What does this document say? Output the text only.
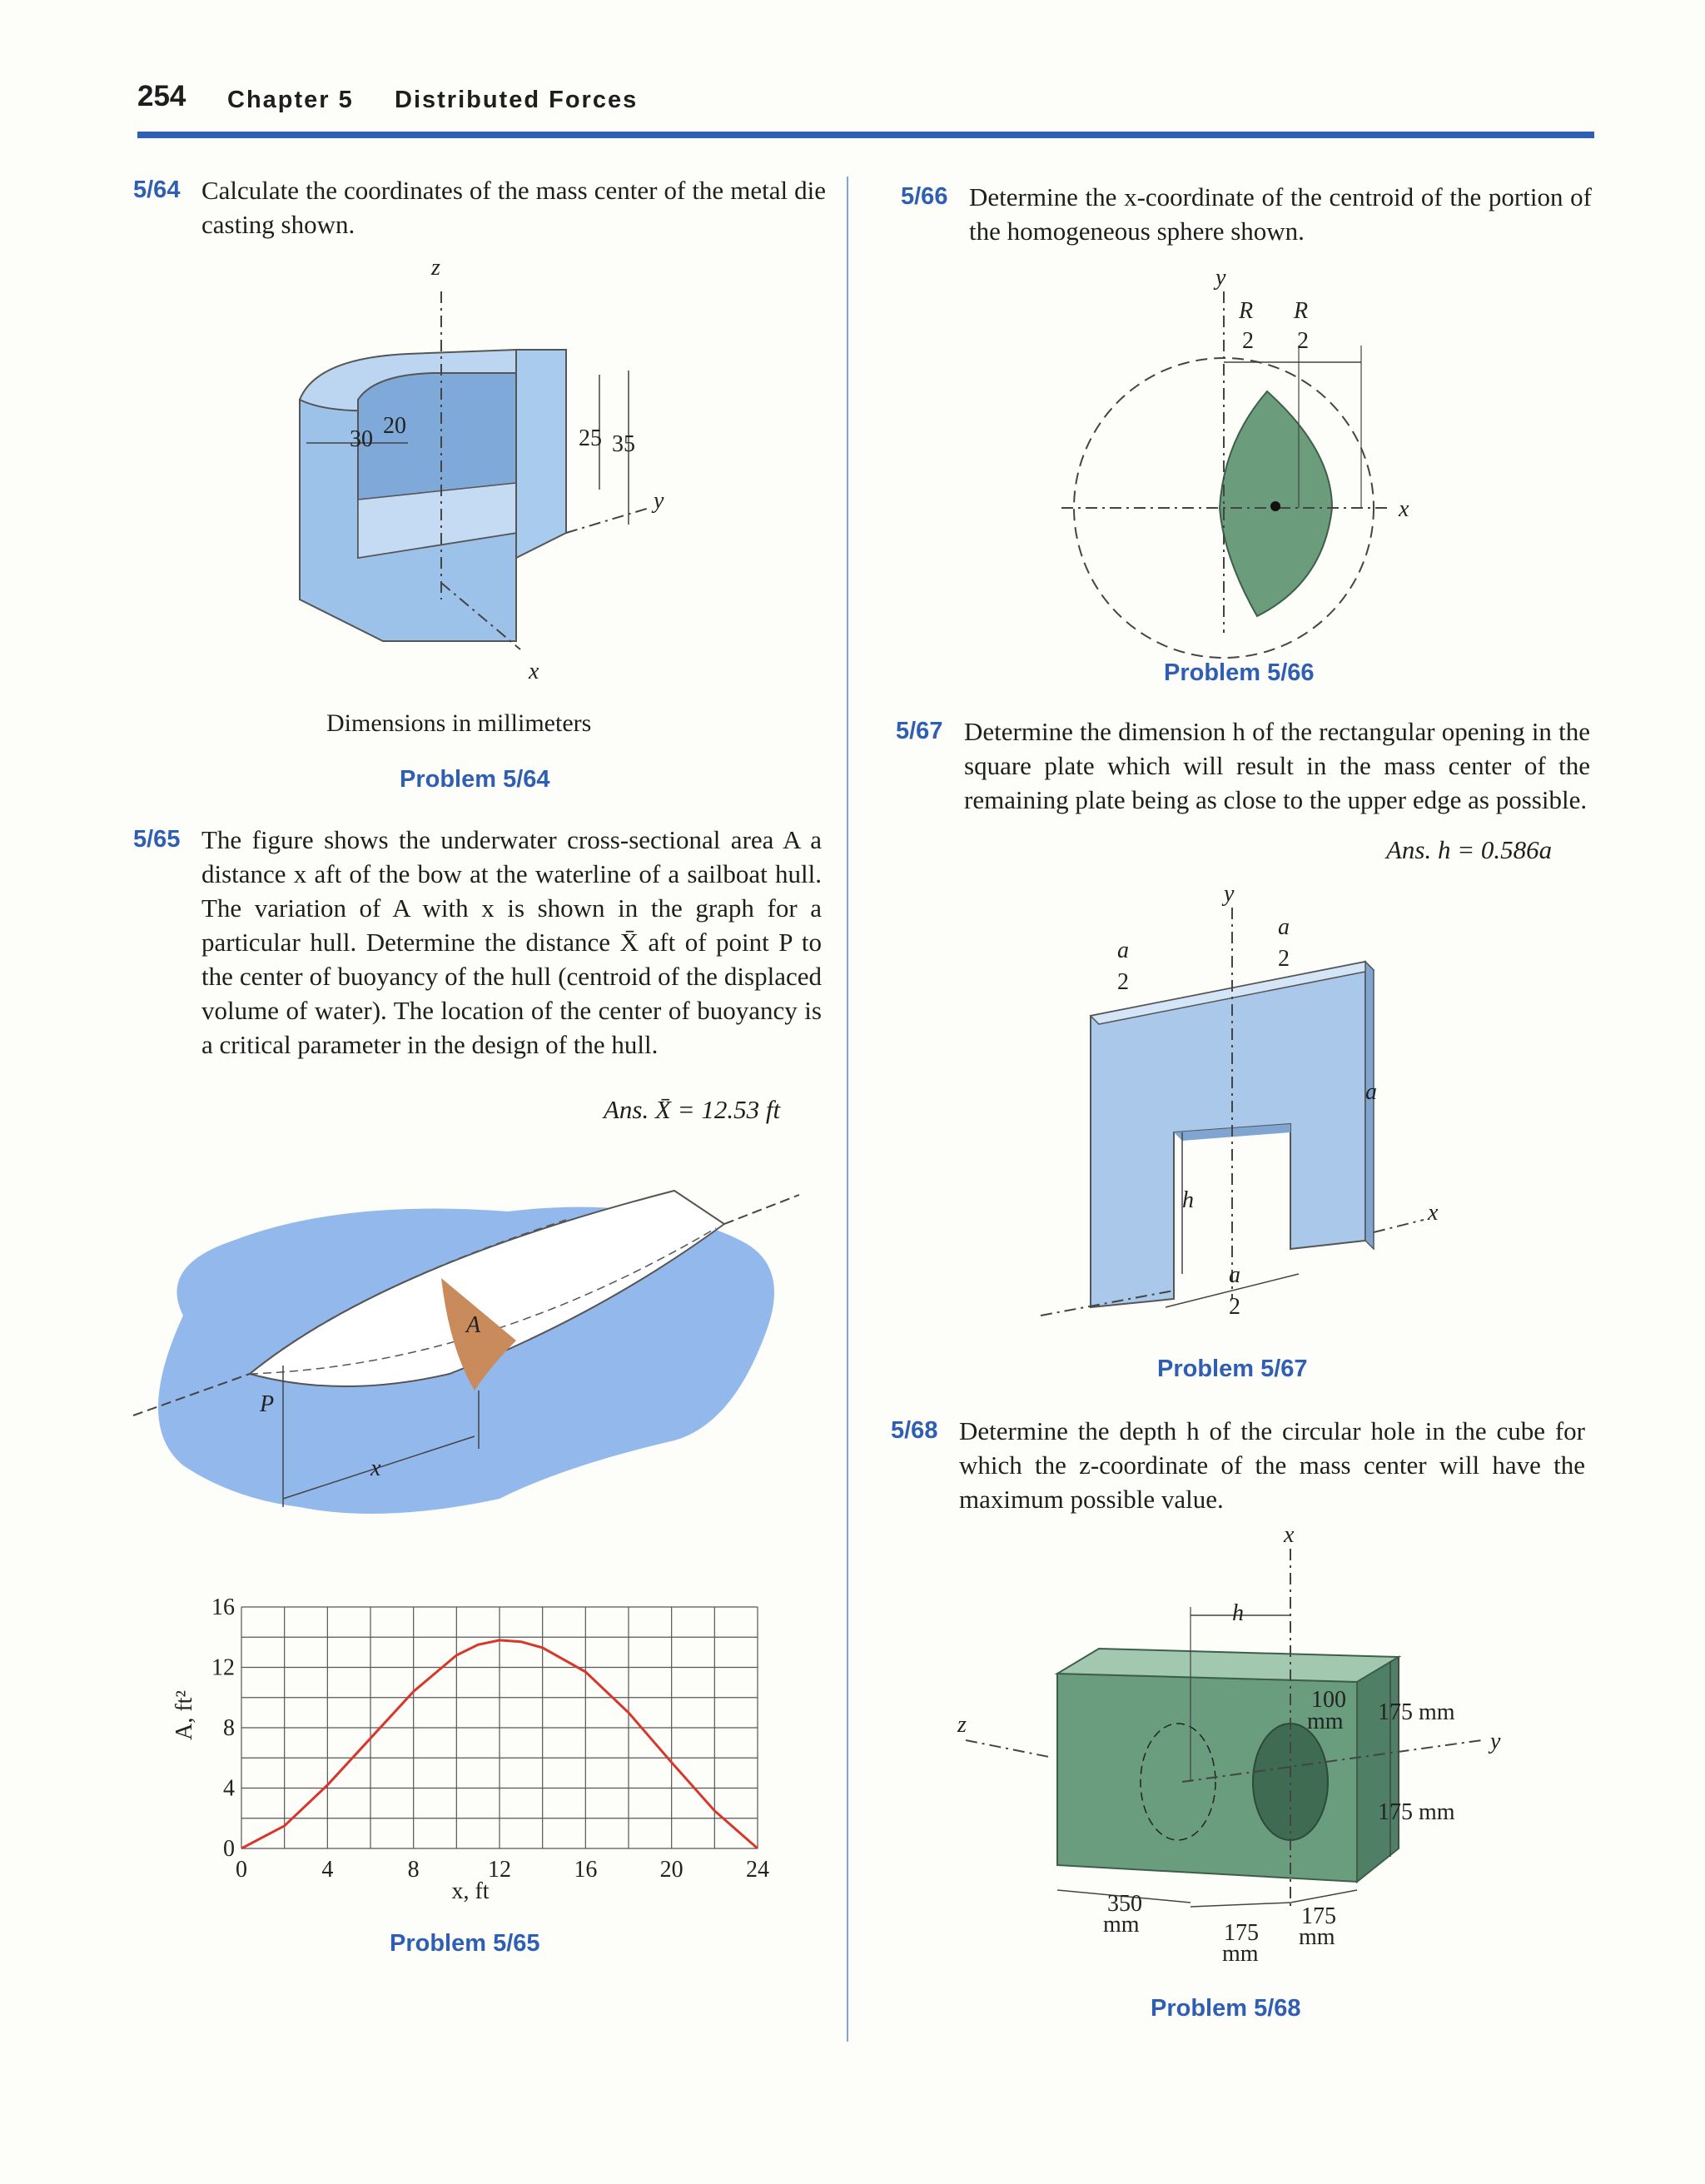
254 Chapter 5 Distributed Forces
5/64 Calculate the coordinates of the mass center of the metal die casting shown.
z
x
y
20
30	25 35
Dimensions in millimeters
Problem 5/64
5/65 The figure shows the underwater cross-sectional area A a distance x aft of the bow at the waterline of a sailboat hull. The variation of A with x is shown in the graph for a particular hull. Determine the distance X̄ aft of point P to the center of buoyancy of the hull (centroid of the displaced volume of water). The location of the center of buoyancy is a critical parameter in the design of the hull.
Ans. X̄ = 12.53 ft
A
P
x
0	4	8	12	16	20	24
0
4
8
12
16
x, ft
A, ft²
Problem 5/65
5/66 Determine the x-coordinate of the centroid of the portion of the homogeneous sphere shown.
y
x
R
2
R
2
Problem 5/66
5/67 Determine the dimension h of the rectangular opening in the square plate which will result in the mass center of the remaining plate being as close to the upper edge as possible.
Ans. h = 0.586a
y
x
a
2
a
2
a
h
a
2
Problem 5/67
5/68 Determine the depth h of the circular hole in the cube for which the z-coordinate of the mass center will have the maximum possible value.
x
y
z
h
100
mm 175 mm
175 mm
350
mm	175
mm
175
mm
Problem 5/68
